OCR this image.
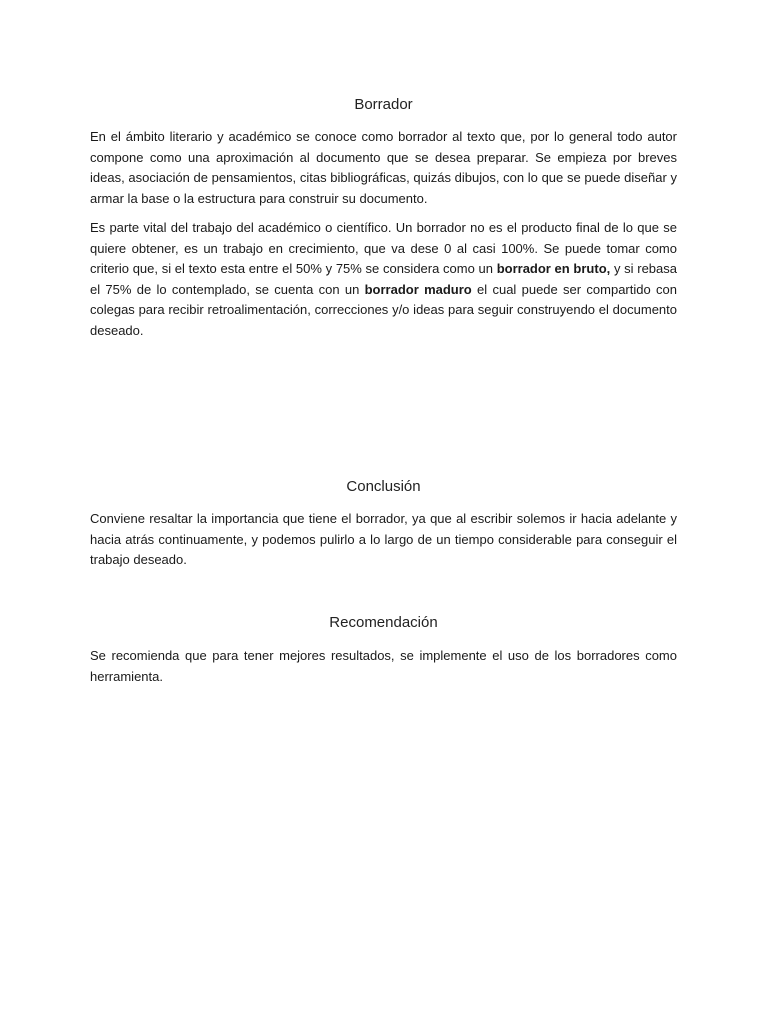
Borrador

En el ámbito literario y académico se conoce como borrador al texto que, por lo general todo autor compone como una aproximación al documento que se desea preparar. Se empieza por breves ideas, asociación de pensamientos, citas bibliográficas, quizás dibujos, con lo que se puede diseñar y armar la base o la estructura para construir su documento.

Es parte vital del trabajo del académico o científico. Un borrador no es el producto final de lo que se quiere obtener, es un trabajo en crecimiento, que va dese 0 al casi 100%. Se puede tomar como criterio que, si el texto esta entre el 50% y 75% se considera como un borrador en bruto, y si rebasa el 75% de lo contemplado, se cuenta con un borrador maduro el cual puede ser compartido con colegas para recibir retroalimentación, correcciones y/o ideas para seguir construyendo el documento deseado.

Conclusión

Conviene resaltar la importancia que tiene el borrador, ya que al escribir solemos ir hacia adelante y hacia atrás continuamente, y podemos pulirlo a lo largo de un tiempo considerable para conseguir el trabajo deseado.

Recomendación

Se recomienda que para tener mejores resultados, se implemente el uso de los borradores como herramienta.
